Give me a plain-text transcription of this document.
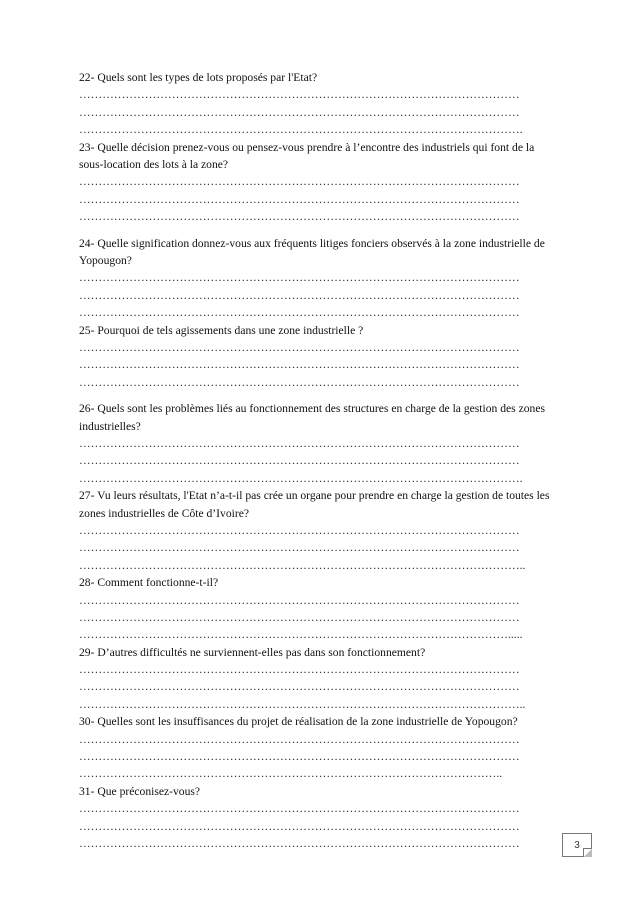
22- Quels sont les types de lots proposés par l'Etat?
……………………………………………………………………………………………………
……………………………………………………………………………………………………
…………………………………………………………………………………………………….
23- Quelle décision prenez-vous ou pensez-vous prendre à l’encontre des industriels qui font de la sous-location des lots à la zone?
……………………………………………………………………………………………………
……………………………………………………………………………………………………
……………………………………………………………………………………………………
24- Quelle signification donnez-vous aux fréquents litiges fonciers observés à la zone industrielle de Yopougon?
……………………………………………………………………………………………………
……………………………………………………………………………………………………
……………………………………………………………………………………………………
25- Pourquoi de tels agissements dans une zone industrielle ?
……………………………………………………………………………………………………
……………………………………………………………………………………………………
……………………………………………………………………………………………………
26- Quels sont les problèmes liés au fonctionnement des structures en charge de la gestion des zones industrielles?
……………………………………………………………………………………………………
……………………………………………………………………………………………………
…………………………………………………………………………………………………….
27- Vu leurs résultats, l'Etat n’a-t-il pas crée un organe pour prendre en charge la gestion de toutes les zones industrielles de Côte d’Ivoire?
……………………………………………………………………………………………………
……………………………………………………………………………………………………
……………………………………………………………………………………………………..
28- Comment fonctionne-t-il?
……………………………………………………………………………………………………
……………………………………………………………………………………………………
………………………………………………………………………………………………….....
29- D’autres difficultés ne surviennent-elles pas dans son fonctionnement?
……………………………………………………………………………………………………
……………………………………………………………………………………………………
……………………………………………………………………………………………………..
30- Quelles sont les insuffisances du projet de réalisation de la zone industrielle de Yopougon?
……………………………………………………………………………………………………
……………………………………………………………………………………………………
………………………………………………………………………………………………..
31- Que préconisez-vous?
……………………………………………………………………………………………………
……………………………………………………………………………………………………
……………………………………………………………………………………………………	3
